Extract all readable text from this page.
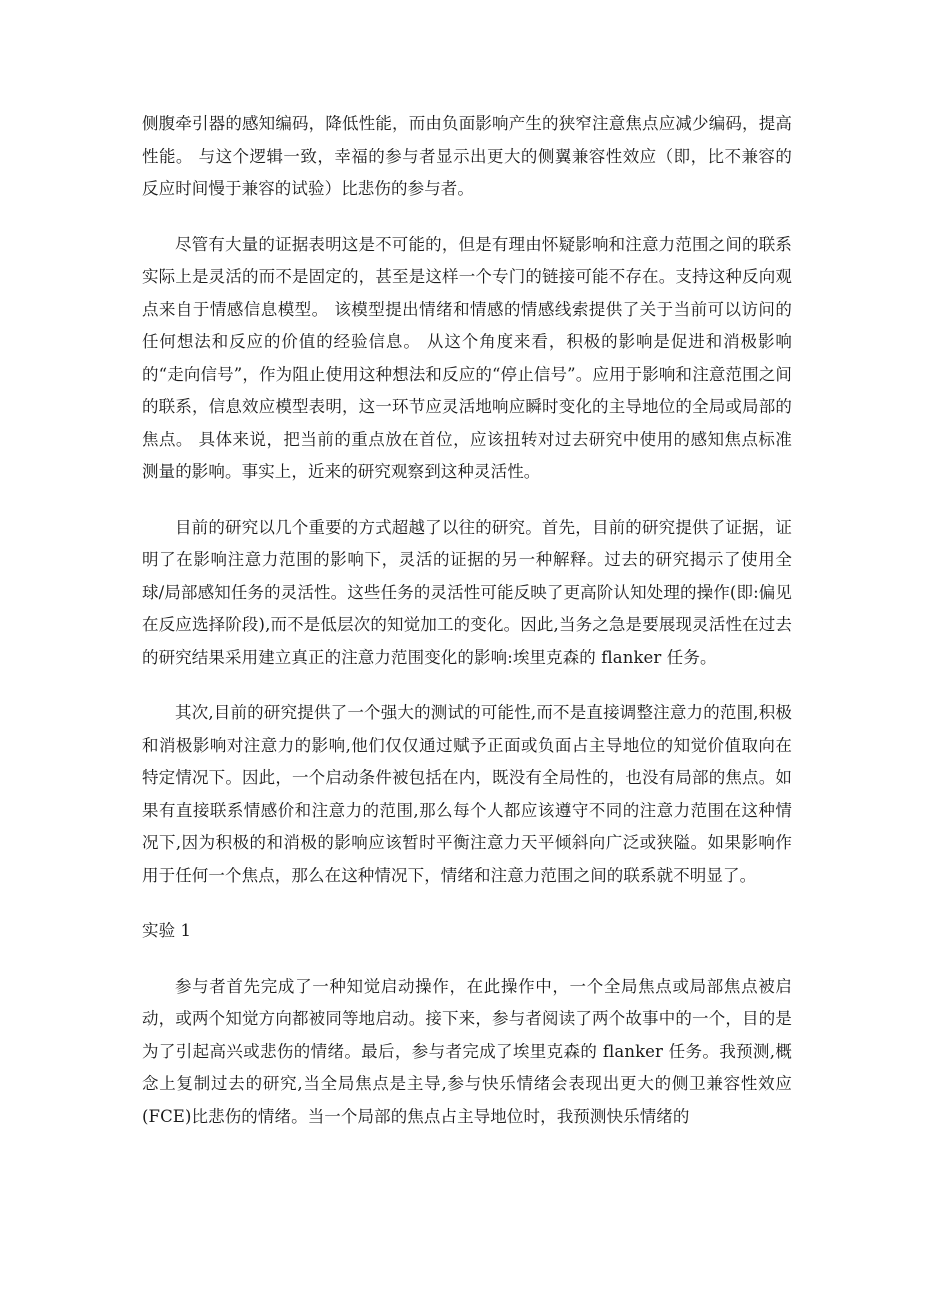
侧腹牵引器的感知编码，降低性能，而由负面影响产生的狭窄注意焦点应减少编码，提高性能。 与这个逻辑一致，幸福的参与者显示出更大的侧翼兼容性效应（即，比不兼容的反应时间慢于兼容的试验）比悲伤的参与者。

尽管有大量的证据表明这是不可能的，但是有理由怀疑影响和注意力范围之间的联系实际上是灵活的而不是固定的，甚至是这样一个专门的链接可能不存在。支持这种反向观点来自于情感信息模型。 该模型提出情绪和情感的情感线索提供了关于当前可以访问的任何想法和反应的价值的经验信息。 从这个角度来看，积极的影响是促进和消极影响的“走向信号”，作为阻止使用这种想法和反应的“停止信号”。应用于影响和注意范围之间的联系，信息效应模型表明，这一环节应灵活地响应瞬时变化的主导地位的全局或局部的焦点。 具体来说，把当前的重点放在首位，应该扭转对过去研究中使用的感知焦点标准测量的影响。事实上，近来的研究观察到这种灵活性。

目前的研究以几个重要的方式超越了以往的研究。首先，目前的研究提供了证据，证明了在影响注意力范围的影响下，灵活的证据的另一种解释。过去的研究揭示了使用全球/局部感知任务的灵活性。这些任务的灵活性可能反映了更高阶认知处理的操作(即:偏见在反应选择阶段),而不是低层次的知觉加工的变化。因此,当务之急是要展现灵活性在过去的研究结果采用建立真正的注意力范围变化的影响:埃里克森的 flanker 任务。

其次,目前的研究提供了一个强大的测试的可能性,而不是直接调整注意力的范围,积极和消极影响对注意力的影响,他们仅仅通过赋予正面或负面占主导地位的知觉价值取向在特定情况下。因此，一个启动条件被包括在内，既没有全局性的，也没有局部的焦点。如果有直接联系情感价和注意力的范围,那么每个人都应该遵守不同的注意力范围在这种情况下,因为积极的和消极的影响应该暂时平衡注意力天平倾斜向广泛或狭隘。如果影响作用于任何一个焦点，那么在这种情况下，情绪和注意力范围之间的联系就不明显了。

实验 1

参与者首先完成了一种知觉启动操作，在此操作中，一个全局焦点或局部焦点被启动，或两个知觉方向都被同等地启动。接下来，参与者阅读了两个故事中的一个，目的是为了引起高兴或悲伤的情绪。最后，参与者完成了埃里克森的 flanker 任务。我预测,概念上复制过去的研究,当全局焦点是主导,参与快乐情绪会表现出更大的侧卫兼容性效应(FCE)比悲伤的情绪。当一个局部的焦点占主导地位时，我预测快乐情绪的
